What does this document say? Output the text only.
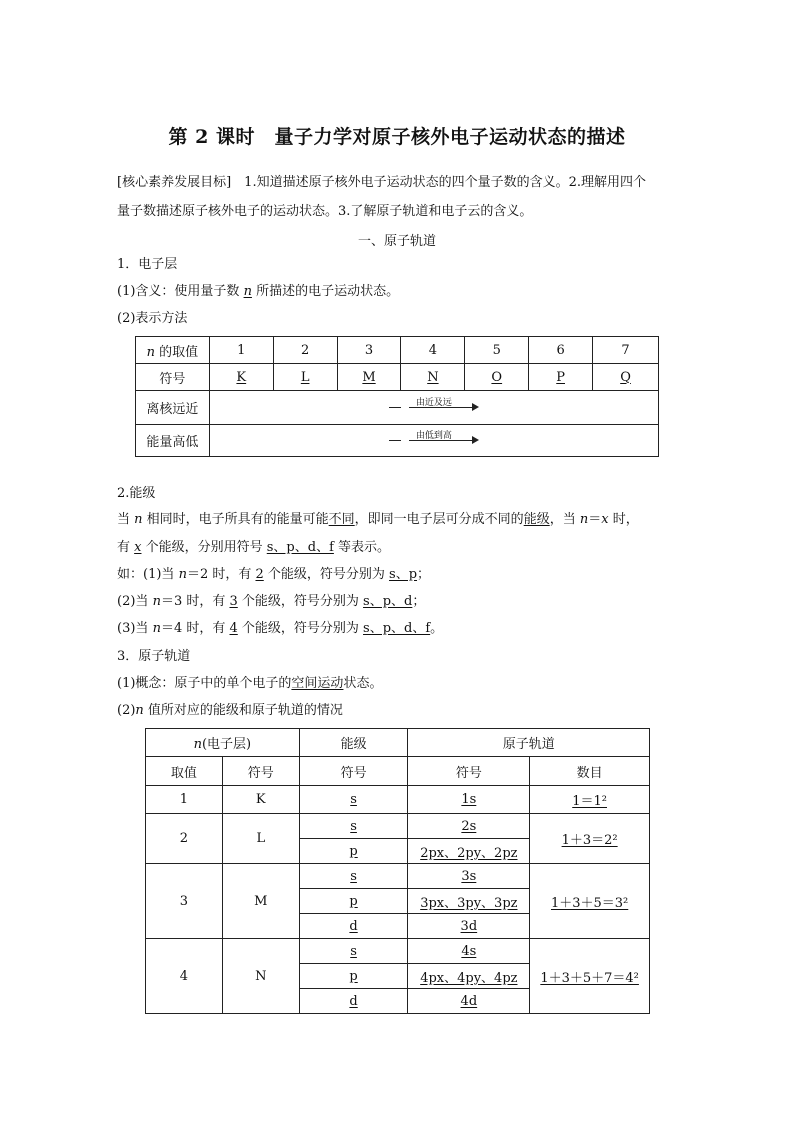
第 2 课时　量子力学对原子核外电子运动状态的描述
[核心素养发展目标]　 1.知道描述原子核外电子运动状态的四个量子数的含义。2.理解用四个
量子数描述原子核外电子的运动状态。3.了解原子轨道和电子云的含义。
一、原子轨道
1．电子层
(1)含义：使用量子数 n 所描述的电子运动状态。
(2)表示方法
n 的取值	1	2	3	4	5	6	7
符号	K	L	M	N	O	P	Q
离核远近	由近及远						

能量高低	由低到高						
2.能级
当 n 相同时，电子所具有的能量可能不同，即同一电子层可分成不同的能级，当 n＝x 时，
有 x 个能级，分别用符号 s、p、d、f 等表示。
如：(1)当 n＝2 时，有 2 个能级，符号分别为 s、p；
(2)当 n＝3 时，有 3 个能级，符号分别为 s、p、d；
(3)当 n＝4 时，有 4 个能级，符号分别为 s、p、d、f。
3．原子轨道
(1)概念：原子中的单个电子的空间运动状态。
(2)n 值所对应的能级和原子轨道的情况
n(电子层)		能级	原子轨道	
取值	符号	符号	符号	数目
1	K	s	1s	1＝1²
2	L	s	2s	1＋3＝2²
		p	2px、2py、2pz	
3	M	s	3s	1＋3＋5＝3²
		p	3px、3py、3pz	
		d	3d	
4	N	s	4s	1＋3＋5＋7＝4²
		p	4px、4py、4pz	
		d	4d	
